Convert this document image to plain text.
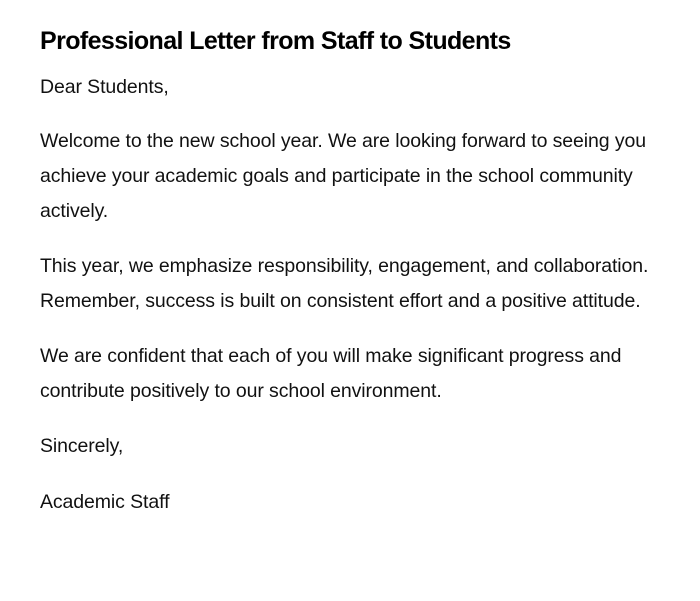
Professional Letter from Staff to Students

Dear Students,

Welcome to the new school year. We are looking forward to seeing you achieve your academic goals and participate in the school community actively.

This year, we emphasize responsibility, engagement, and collaboration. Remember, success is built on consistent effort and a positive attitude.

We are confident that each of you will make significant progress and contribute positively to our school environment.

Sincerely,

Academic Staff
